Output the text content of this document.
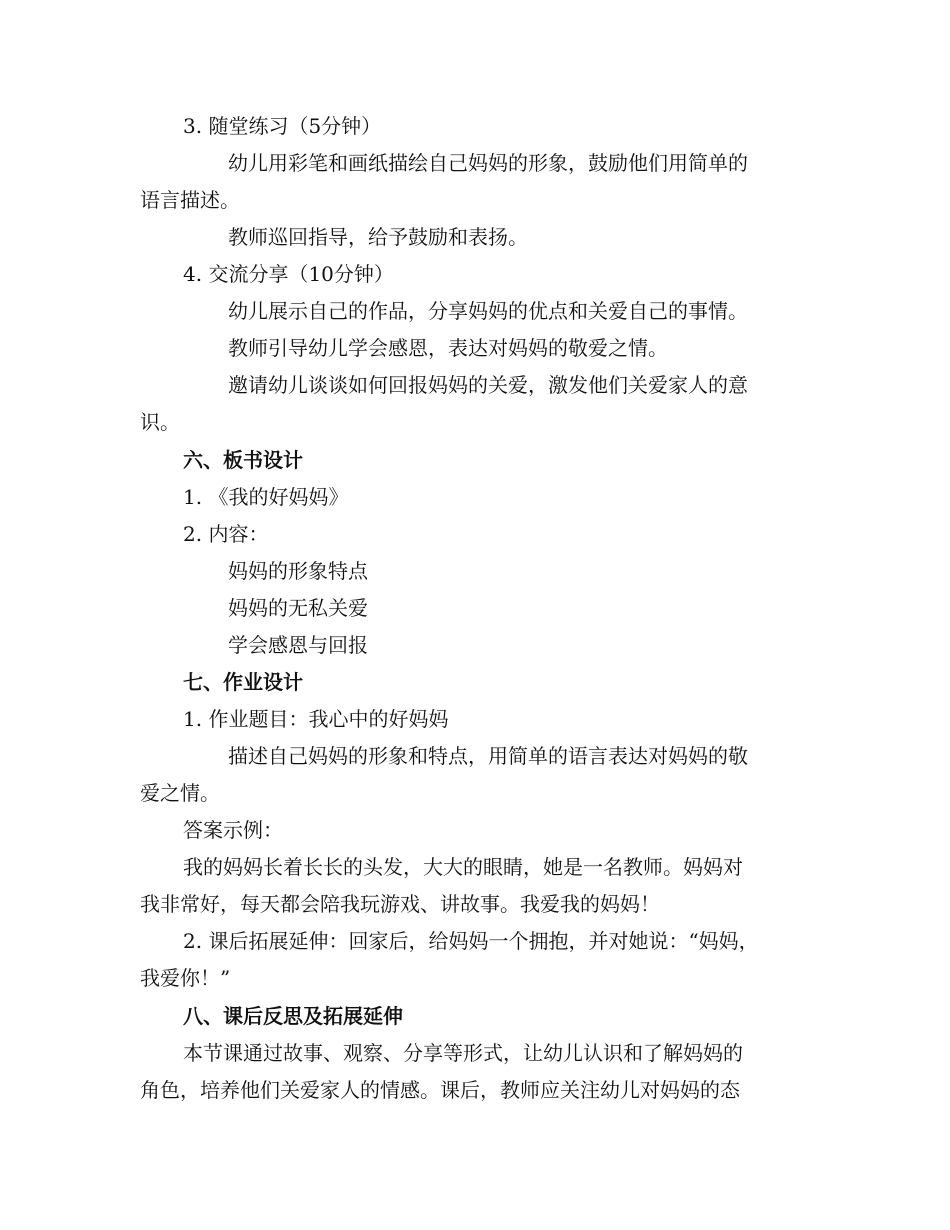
3. 随堂练习（5分钟）
幼儿用彩笔和画纸描绘自己妈妈的形象，鼓励他们用简单的
语言描述。
教师巡回指导，给予鼓励和表扬。
4. 交流分享（10分钟）
幼儿展示自己的作品，分享妈妈的优点和关爱自己的事情。
教师引导幼儿学会感恩，表达对妈妈的敬爱之情。
邀请幼儿谈谈如何回报妈妈的关爱，激发他们关爱家人的意
识。
六、板书设计
1. 《我的好妈妈》
2. 内容：
妈妈的形象特点
妈妈的无私关爱
学会感恩与回报
七、作业设计
1. 作业题目：我心中的好妈妈
描述自己妈妈的形象和特点，用简单的语言表达对妈妈的敬
爱之情。
答案示例：
我的妈妈长着长长的头发，大大的眼睛，她是一名教师。妈妈对
我非常好，每天都会陪我玩游戏、讲故事。我爱我的妈妈！
2. 课后拓展延伸：回家后，给妈妈一个拥抱，并对她说：“妈妈，
我爱你！”
八、课后反思及拓展延伸
本节课通过故事、观察、分享等形式，让幼儿认识和了解妈妈的
角色，培养他们关爱家人的情感。课后，教师应关注幼儿对妈妈的态
